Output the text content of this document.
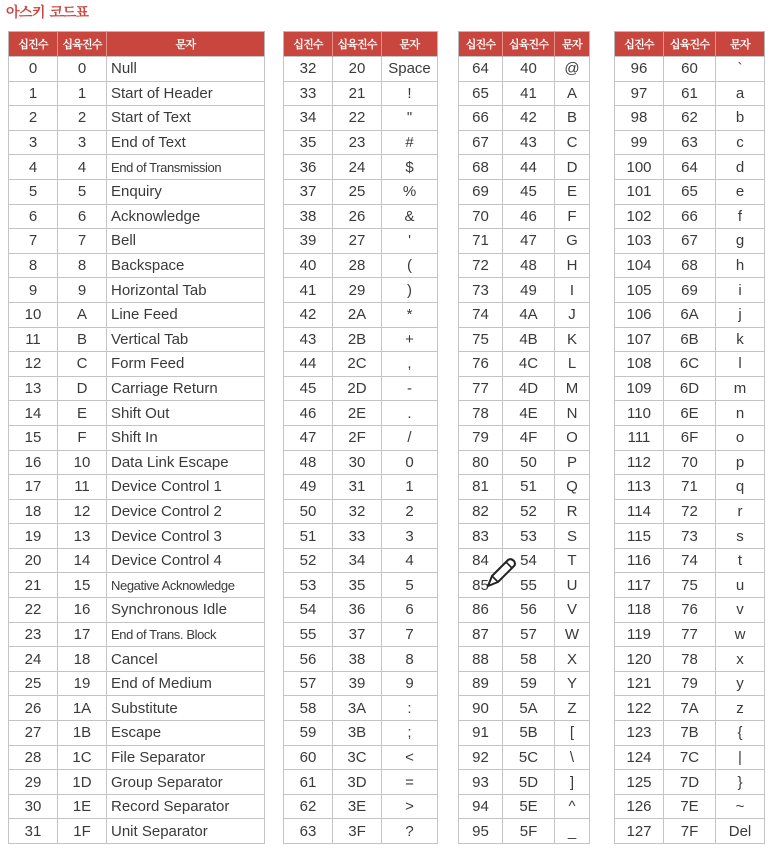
아스키 코드표
십진수	십육진수	문자
0	0	Null
1	1	Start of Header
2	2	Start of Text
3	3	End of Text
4	4	End of Transmission
5	5	Enquiry
6	6	Acknowledge
7	7	Bell
8	8	Backspace
9	9	Horizontal Tab
10	A	Line Feed
11	B	Vertical Tab
12	C	Form Feed
13	D	Carriage Return
14	E	Shift Out
15	F	Shift In
16	10	Data Link Escape
17	11	Device Control 1
18	12	Device Control 2
19	13	Device Control 3
20	14	Device Control 4
21	15	Negative Acknowledge
22	16	Synchronous Idle
23	17	End of Trans. Block
24	18	Cancel
25	19	End of Medium
26	1A	Substitute
27	1B	Escape
28	1C	File Separator
29	1D	Group Separator
30	1E	Record Separator
31	1F	Unit Separator
십진수	십육진수	문자
32	20	Space
33	21	!
34	22	"
35	23	#
36	24	$
37	25	%
38	26	&
39	27	'
40	28	(
41	29	)
42	2A	*
43	2B	+
44	2C	,
45	2D	-
46	2E	.
47	2F	/
48	30	0
49	31	1
50	32	2
51	33	3
52	34	4
53	35	5
54	36	6
55	37	7
56	38	8
57	39	9
58	3A	:
59	3B	;
60	3C	<
61	3D	=
62	3E	>
63	3F	?
십진수	십육진수	문자
64	40	@
65	41	A
66	42	B
67	43	C
68	44	D
69	45	E
70	46	F
71	47	G
72	48	H
73	49	I
74	4A	J
75	4B	K
76	4C	L
77	4D	M
78	4E	N
79	4F	O
80	50	P
81	51	Q
82	52	R
83	53	S
84	54	T
85	55	U
86	56	V
87	57	W
88	58	X
89	59	Y
90	5A	Z
91	5B	[
92	5C	\
93	5D	]
94	5E	^
95	5F	_
십진수	십육진수	문자
96	60	`
97	61	a
98	62	b
99	63	c
100	64	d
101	65	e
102	66	f
103	67	g
104	68	h
105	69	i
106	6A	j
107	6B	k
108	6C	l
109	6D	m
110	6E	n
111	6F	o
112	70	p
113	71	q
114	72	r
115	73	s
116	74	t
117	75	u
118	76	v
119	77	w
120	78	x
121	79	y
122	7A	z
123	7B	{
124	7C	|
125	7D	}
126	7E	~
127	7F	Del
